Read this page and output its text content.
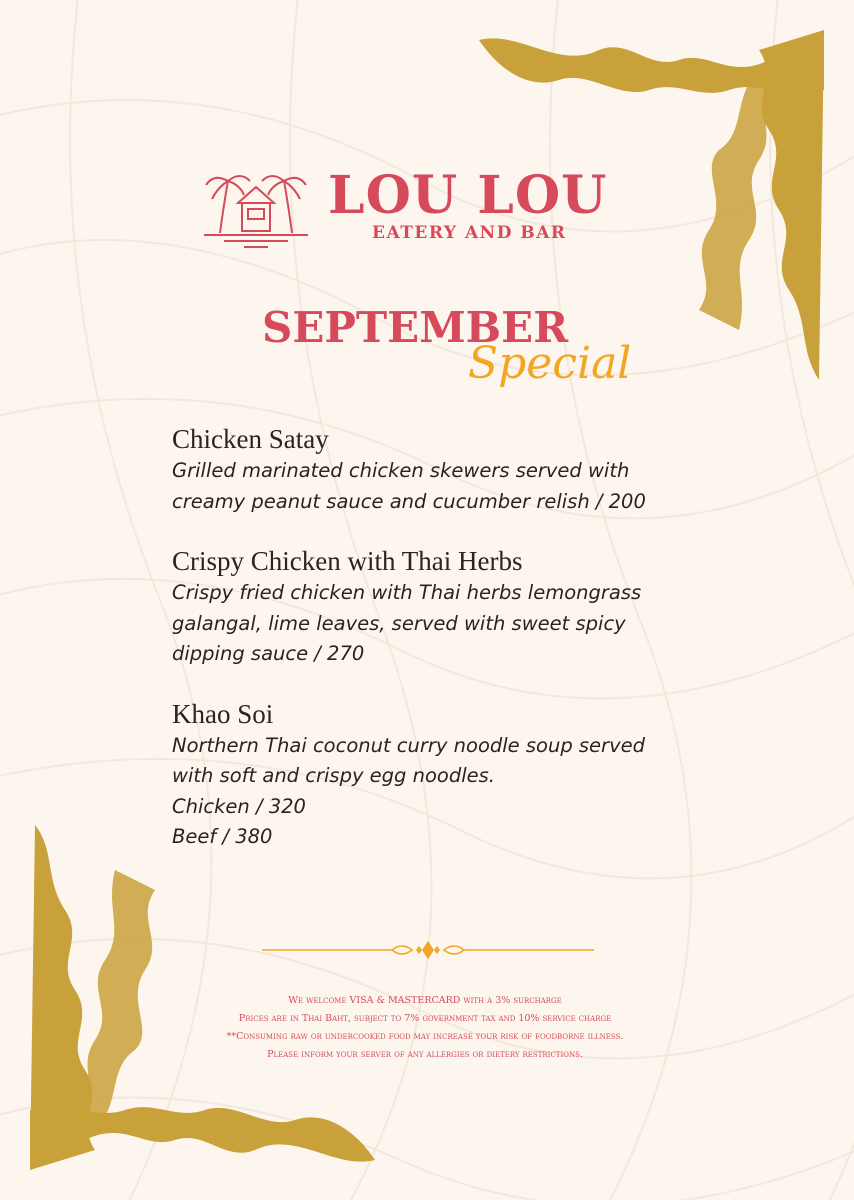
LOU LOU
EATERY AND BAR
SEPTEMBER
Special
Chicken Satay

Grilled marinated chicken skewers served with

creamy peanut sauce and cucumber relish / 200

Crispy Chicken with Thai Herbs

Crispy fried chicken with Thai herbs lemongrass

galangal, lime leaves, served with sweet spicy

dipping sauce / 270

Khao Soi

Northern Thai coconut curry noodle soup served

with soft and crispy egg noodles.

Chicken / 320

Beef / 380

We welcome VISA & MASTERCARD with a 3% surcharge

Prices are in Thai Baht, subject to 7% government tax and 10% service charge

**Consuming raw or undercooked food may increase your risk of foodborne illness.

Please inform your server of any allergies or dietery restrictions.
